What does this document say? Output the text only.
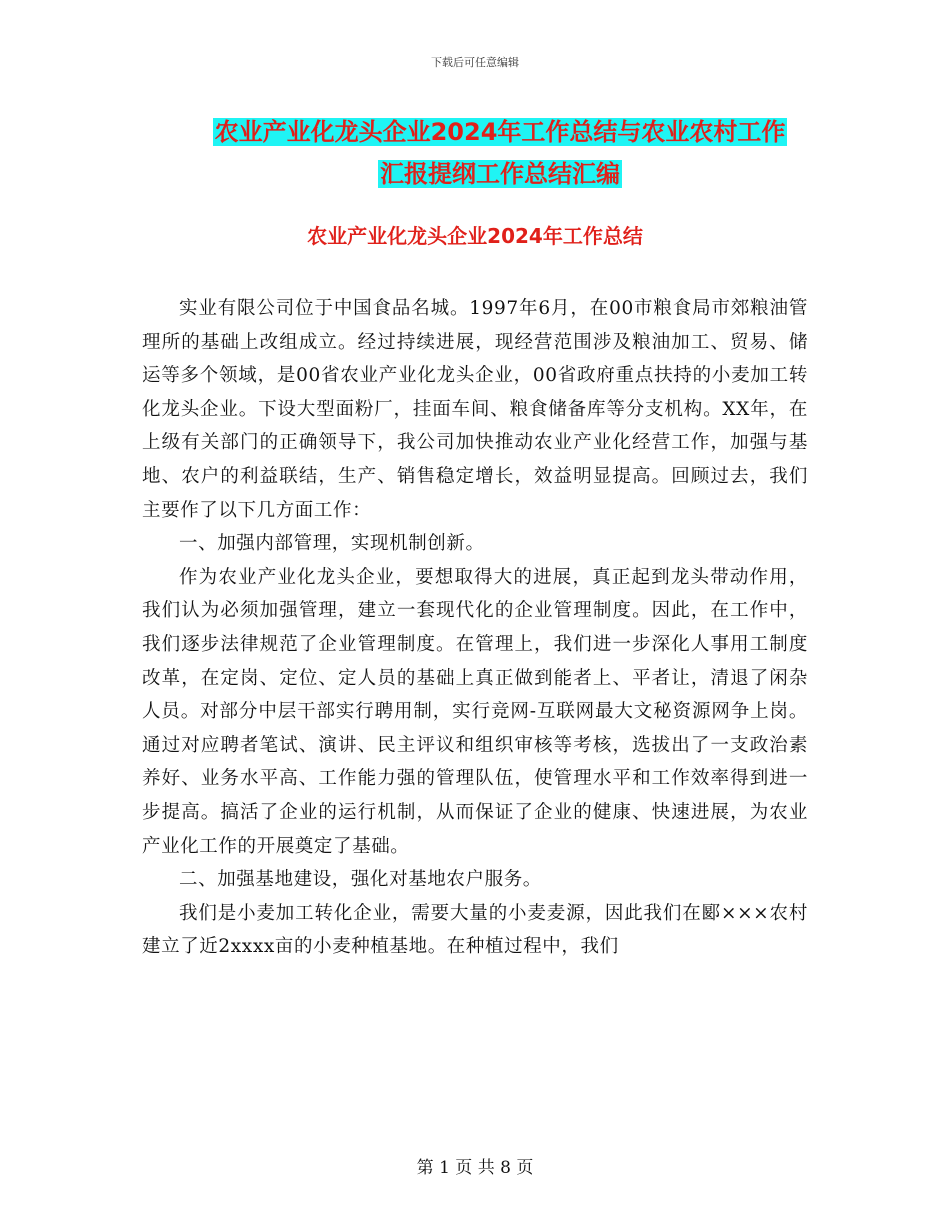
下载后可任意编辑
农业产业化龙头企业2024年工作总结与农业农村工作
汇报提纲工作总结汇编
农业产业化龙头企业2024年工作总结

实业有限公司位于中国食品名城。1997年6月，在00市粮食局市郊粮油管理所的基础上改组成立。经过持续进展，现经营范围涉及粮油加工、贸易、储运等多个领域，是00省农业产业化龙头企业，00省政府重点扶持的小麦加工转化龙头企业。下设大型面粉厂，挂面车间、粮食储备库等分支机构。XX年，在上级有关部门的正确领导下，我公司加快推动农业产业化经营工作，加强与基地、农户的利益联结，生产、销售稳定增长，效益明显提高。回顾过去，我们主要作了以下几方面工作：

一、加强内部管理，实现机制创新。

作为农业产业化龙头企业，要想取得大的进展，真正起到龙头带动作用，我们认为必须加强管理，建立一套现代化的企业管理制度。因此，在工作中，我们逐步法律规范了企业管理制度。在管理上，我们进一步深化人事用工制度改革，在定岗、定位、定人员的基础上真正做到能者上、平者让，清退了闲杂人员。对部分中层干部实行聘用制，实行竞网-互联网最大文秘资源网争上岗。通过对应聘者笔试、演讲、民主评议和组织审核等考核，选拔出了一支政治素养好、业务水平高、工作能力强的管理队伍，使管理水平和工作效率得到进一步提高。搞活了企业的运行机制，从而保证了企业的健康、快速进展，为农业产业化工作的开展奠定了基础。

二、加强基地建设，强化对基地农户服务。

我们是小麦加工转化企业，需要大量的小麦麦源，因此我们在郾×××农村建立了近2xxxx亩的小麦种植基地。在种植过程中，我们

第 1 页 共 8 页
